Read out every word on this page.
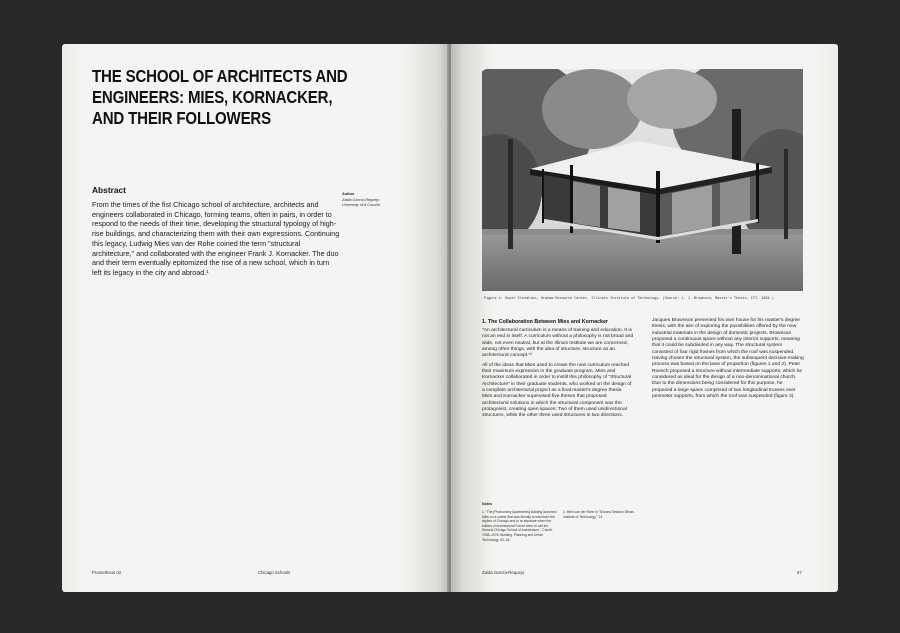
THE SCHOOL OF ARCHITECTS AND ENGINEERS: MIES, KORNACKER, AND THEIR FOLLOWERS
Abstract

From the times of the fist Chicago school of architecture, architects and engineers collaborated in Chicago, forming teams, often in pairs, in order to respond to the needs of their time, developing the structural typology of high-rise buildings, and characterizing them with their own expressions. Continuing this legacy, Ludwig Mies van der Rohe coined the term "structural architecture," and collaborated with the engineer Frank J. Kornacker. The duo and their term eventually epitomized the rise of a new school, which in turn left its legacy in the city and abroad.¹

Author
Zaida García-Requejo
University of A Coruña
Prometheus 02	Chicago Schools
Figure 1: South Elevation, Graham Resource Center, Illinois Institute of Technology. (Source: J. J. Brownson, Master's Thesis, IIT, 1954.)
1. The Collaboration Between Mies and Kornacker

"An architectural curriculum is a means of training and education. It is not an end in itself. A curriculum without a philosophy is not broad and wide, not even neutral, but at the Illinois Institute we are concerned, among other things, with the idea of structure, structure as an architectural concept."²

All of the ideas that Mies used to create the new curriculum reached their maximum expression in the graduate program. Mies and Kornacker collaborated in order to instill this philosophy of "Structural Architecture" in their graduate students, who worked on the design of a complete architectural project as a final master's degree thesis. Mies and Kornacker supervised five theses that proposed architectural solutions in which the structural component was the protagonist, creating open spaces: Two of them used unidirectional structures, while the other three used structures in two directions.

Jacques Brownson presented his own house for his master's degree thesis, with the aim of exploring the possibilities offered by the new industrial materials in the design of domestic projects. Brownson proposed a continuous space without any interior supports, meaning that it could be subdivided in any way. The structural system consisted of four rigid frames from which the roof was suspended. Having chosen the structural system, the subsequent decision-making process was based on the laws of proportion (figures 1 and 2). Peter Roesch proposed a structure without intermediate supports, which he considered as ideal for the design of a non-denominational church. Due to the dimensions being considered for this purpose, he proposed a large space comprised of two longitudinal trusses over perimeter supports, from which the roof was suspended (figure 3).

Notes

1. "The [Promontory Apartments] building launched Mies on a career that was literally to transform the skyline of Chicago and to re-separate when the editors of Architectural Forum were to call the Second Chicago School of Architecture." Condit, 1938–1978: Building, Planning and Urban Technology, 52–54.

2. Mies van der Rohe in "Second Session Illinois Institute of Technology," 14.

Zaida García-Requejo	67
